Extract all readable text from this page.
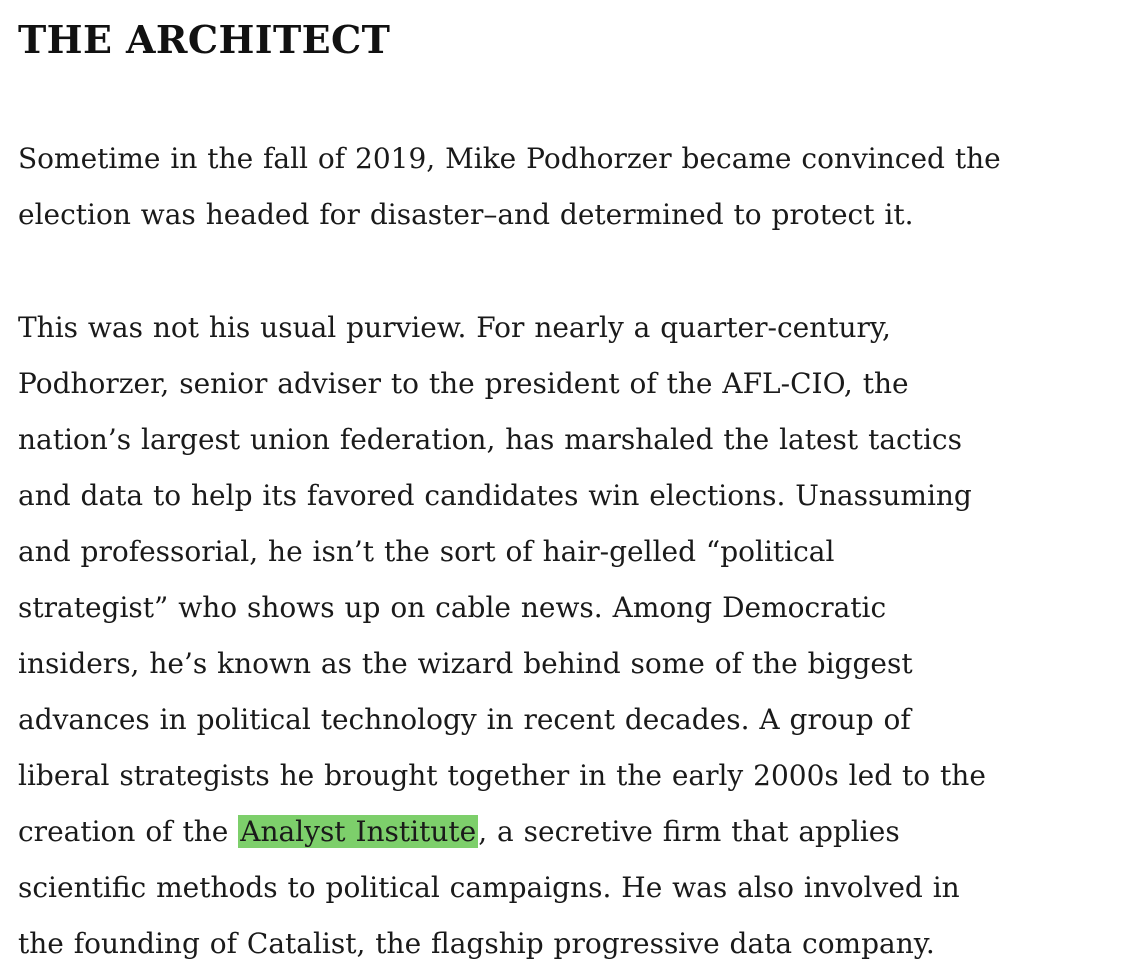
THE ARCHITECT

Sometime in the fall of 2019, Mike Podhorzer became convinced the
election was headed for disaster–and determined to protect it.

This was not his usual purview. For nearly a quarter-century,
Podhorzer, senior adviser to the president of the AFL-CIO, the
nation’s largest union federation, has marshaled the latest tactics
and data to help its favored candidates win elections. Unassuming
and professorial, he isn’t the sort of hair-gelled “political
strategist” who shows up on cable news. Among Democratic
insiders, he’s known as the wizard behind some of the biggest
advances in political technology in recent decades. A group of
liberal strategists he brought together in the early 2000s led to the
creation of the Analyst Institute, a secretive firm that applies
scientific methods to political campaigns. He was also involved in
the founding of Catalist, the flagship progressive data company.
